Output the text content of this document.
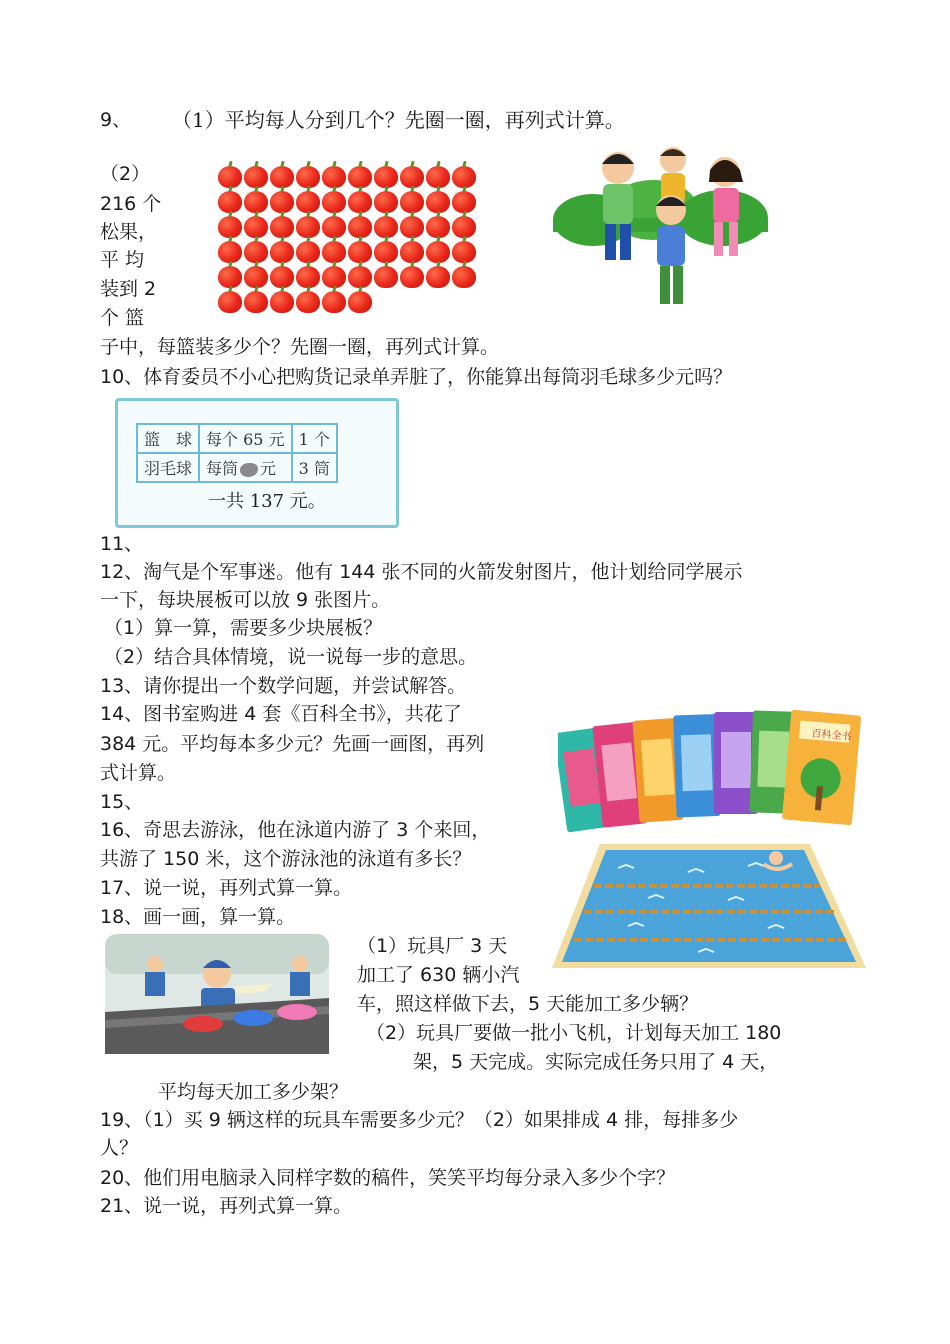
9、 （1）平均每人分到几个？先圈一圈，再列式计算。
（2）
216 个
松果，
平 均
装到 2
个 篮
子中，每篮装多少个？先圈一圈，再列式计算。
10、体育委员不小心把购货记录单弄脏了，你能算出每筒羽毛球多少元吗？
篮　球	每个 65 元	1 个
羽毛球	每筒 元	3 筒
一共 137 元。
11、
12、淘气是个军事迷。他有 144 张不同的火箭发射图片，他计划给同学展示
一下，每块展板可以放 9 张图片。
（1）算一算，需要多少块展板？
（2）结合具体情境，说一说每一步的意思。
13、请你提出一个数学问题，并尝试解答。
14、图书室购进 4 套《百科全书》，共花了
384 元。平均每本多少元？先画一画图，再列
式计算。
百科全书
15、
16、奇思去游泳，他在泳道内游了 3 个来回，
共游了 150 米，这个游泳池的泳道有多长？
17、说一说，再列式算一算。
18、画一画，算一算。
（1）玩具厂 3 天
加工了 630 辆小汽
车，照这样做下去，5 天能加工多少辆？
（2）玩具厂要做一批小飞机，计划每天加工 180
架，5 天完成。实际完成任务只用了 4 天，
平均每天加工多少架？
19、（1）买 9 辆这样的玩具车需要多少元？（2）如果排成 4 排，每排多少
人？
20、他们用电脑录入同样字数的稿件，笑笑平均每分录入多少个字？
21、说一说，再列式算一算。
